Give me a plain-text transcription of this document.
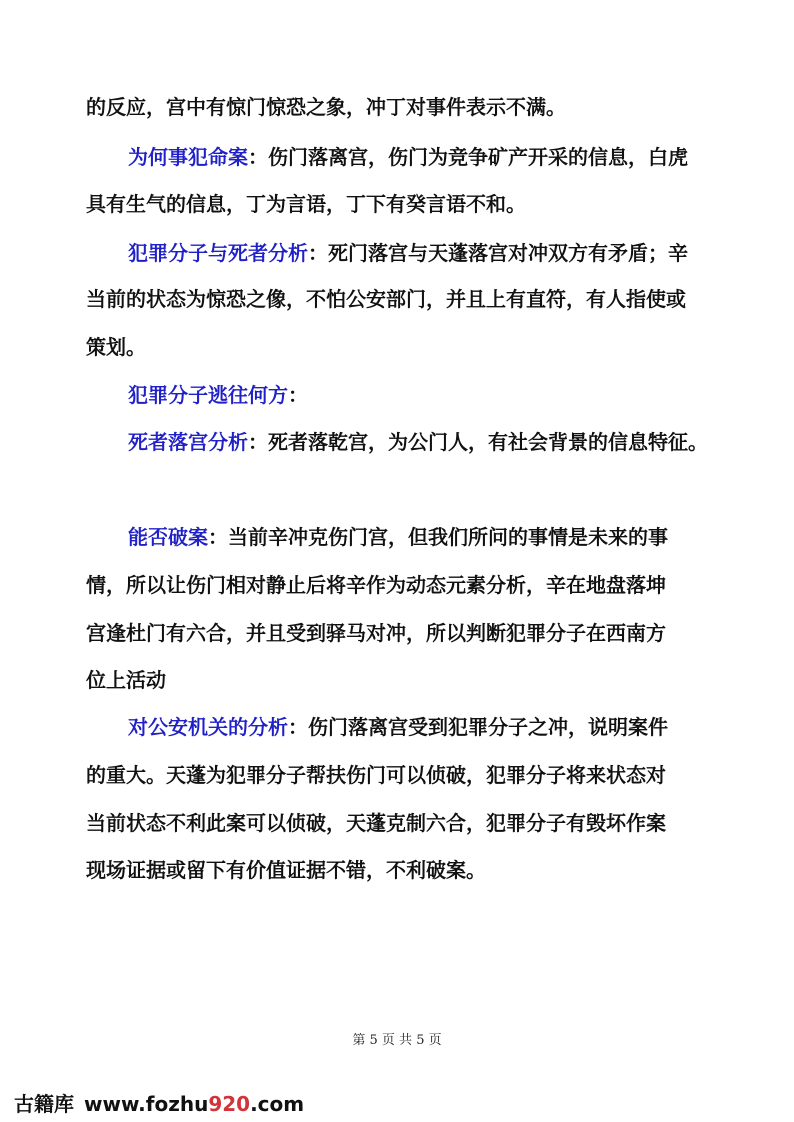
的反应，宫中有惊门惊恐之象，冲丁对事件表示不满。
为何事犯命案：伤门落离宫，伤门为竞争矿产开采的信息，白虎
具有生气的信息，丁为言语，丁下有癸言语不和。
犯罪分子与死者分析：死门落宫与天蓬落宫对冲双方有矛盾；辛
当前的状态为惊恐之像，不怕公安部门，并且上有直符，有人指使或
策划。
犯罪分子逃往何方：
死者落宫分析：死者落乾宫，为公门人，有社会背景的信息特征。
能否破案：当前辛冲克伤门宫，但我们所问的事情是未来的事
情，所以让伤门相对静止后将辛作为动态元素分析，辛在地盘落坤
宫逢杜门有六合，并且受到驿马对冲，所以判断犯罪分子在西南方
位上活动
对公安机关的分析：伤门落离宫受到犯罪分子之冲，说明案件
的重大。天蓬为犯罪分子帮扶伤门可以侦破，犯罪分子将来状态对
当前状态不利此案可以侦破，天蓬克制六合，犯罪分子有毁坏作案
现场证据或留下有价值证据不错，不利破案。
第 5 页 共 5 页
古籍库 www.fozhu920.com
